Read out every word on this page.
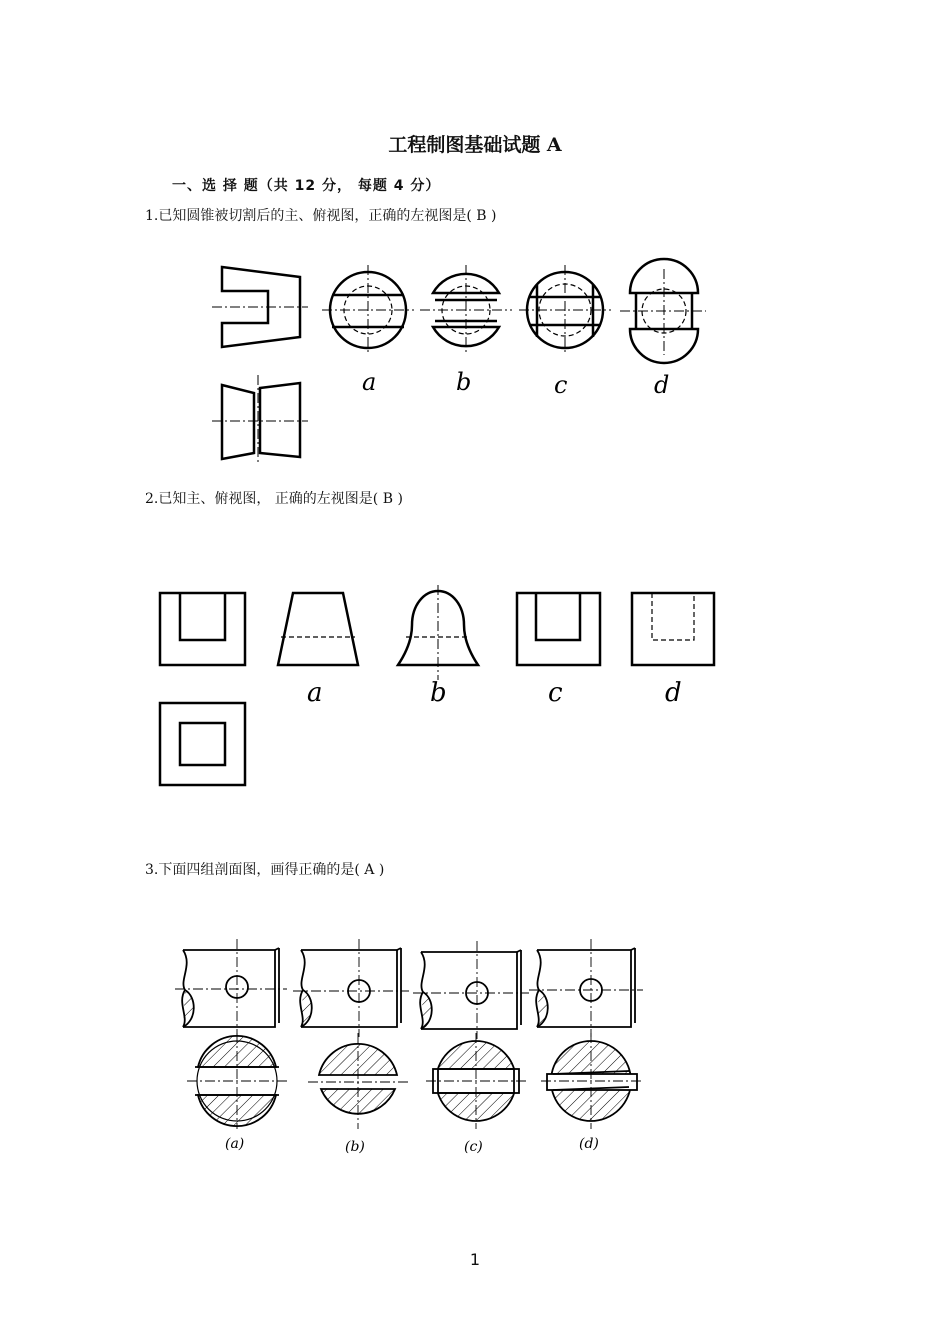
工程制图基础试题 A
一、选 择 题（共 12 分， 每题 4 分）
1.已知圆锥被切割后的主、俯视图，正确的左视图是( B )
a	b	c	d
2.已知主、俯视图， 正确的左视图是( B )
a	b	c	d
3.下面四组剖面图，画得正确的是( A )
(a)	(b)	(c)	(d)
1
